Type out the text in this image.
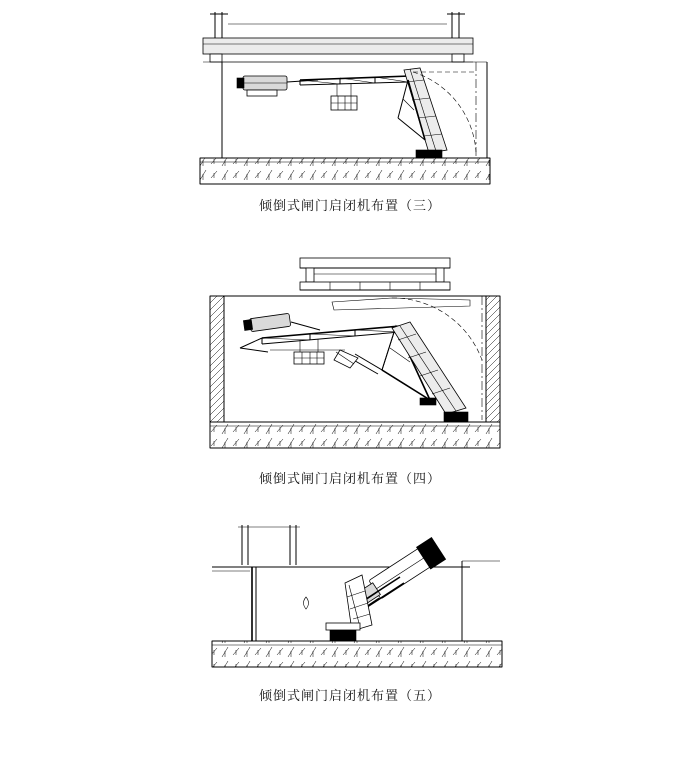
倾倒式闸门启闭机布置（三）
倾倒式闸门启闭机布置（四）
倾倒式闸门启闭机布置（五）
